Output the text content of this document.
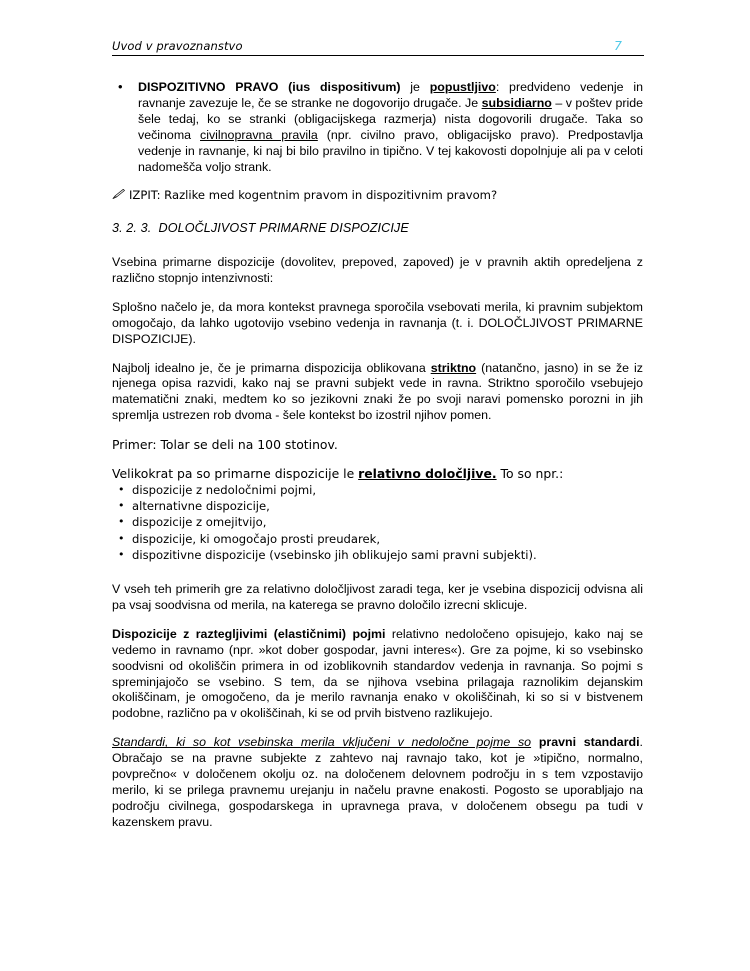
Uvod v pravoznanstvo	7
• DISPOZITIVNO PRAVO (ius dispositivum) je popustljivo: predvideno vedenje in ravnanje zavezuje le, če se stranke ne dogovorijo drugače. Je subsidiarno – v poštev pride šele tedaj, ko se stranki (obligacijskega razmerja) nista dogovorili drugače. Taka so večinoma civilnopravna pravila (npr. civilno pravo, obligacijsko pravo). Predpostavlja vedenje in ravnanje, ki naj bi bilo pravilno in tipično. V tej kakovosti dopolnjuje ali pa v celoti nadomešča voljo strank.
IZPIT: Razlike med kogentnim pravom in dispozitivnim pravom?
3. 2. 3. DOLOČLJIVOST PRIMARNE DISPOZICIJE

Vsebina primarne dispozicije (dovolitev, prepoved, zapoved) je v pravnih aktih opredeljena z različno stopnjo intenzivnosti:

Splošno načelo je, da mora kontekst pravnega sporočila vsebovati merila, ki pravnim subjektom omogočajo, da lahko ugotovijo vsebino vedenja in ravnanja (t. i. DOLOČLJIVOST PRIMARNE DISPOZICIJE).

Najbolj idealno je, če je primarna dispozicija oblikovana striktno (natančno, jasno) in se že iz njenega opisa razvidi, kako naj se pravni subjekt vede in ravna. Striktno sporočilo vsebujejo matematični znaki, medtem ko so jezikovni znaki že po svoji naravi pomensko porozni in jih spremlja ustrezen rob dvoma - šele kontekst bo izostril njihov pomen.

Primer: Tolar se deli na 100 stotinov.

Velikokrat pa so primarne dispozicije le relativno določljive. To so npr.:

• dispozicije z nedoločnimi pojmi,
• alternativne dispozicije,
• dispozicije z omejitvijo,
• dispozicije, ki omogočajo prosti preudarek,
• dispozitivne dispozicije (vsebinsko jih oblikujejo sami pravni subjekti).

V vseh teh primerih gre za relativno določljivost zaradi tega, ker je vsebina dispozicij odvisna ali pa vsaj soodvisna od merila, na katerega se pravno določilo izrecni sklicuje.

Dispozicije z raztegljivimi (elastičnimi) pojmi relativno nedoločeno opisujejo, kako naj se vedemo in ravnamo (npr. »kot dober gospodar, javni interes«). Gre za pojme, ki so vsebinsko soodvisni od okoliščin primera in od izoblikovnih standardov vedenja in ravnanja. So pojmi s spreminjajočo se vsebino. S tem, da se njihova vsebina prilagaja raznolikim dejanskim okoliščinam, je omogočeno, da je merilo ravnanja enako v okoliščinah, ki so si v bistvenem podobne, različno pa v okoliščinah, ki se od prvih bistveno razlikujejo.

Standardi, ki so kot vsebinska merila vključeni v nedoločne pojme so pravni standardi. Obračajo se na pravne subjekte z zahtevo naj ravnajo tako, kot je »tipično, normalno, povprečno« v določenem okolju oz. na določenem delovnem področju in s tem vzpostavijo merilo, ki se prilega pravnemu urejanju in načelu pravne enakosti. Pogosto se uporabljajo na področju civilnega, gospodarskega in upravnega prava, v določenem obsegu pa tudi v kazenskem pravu.
